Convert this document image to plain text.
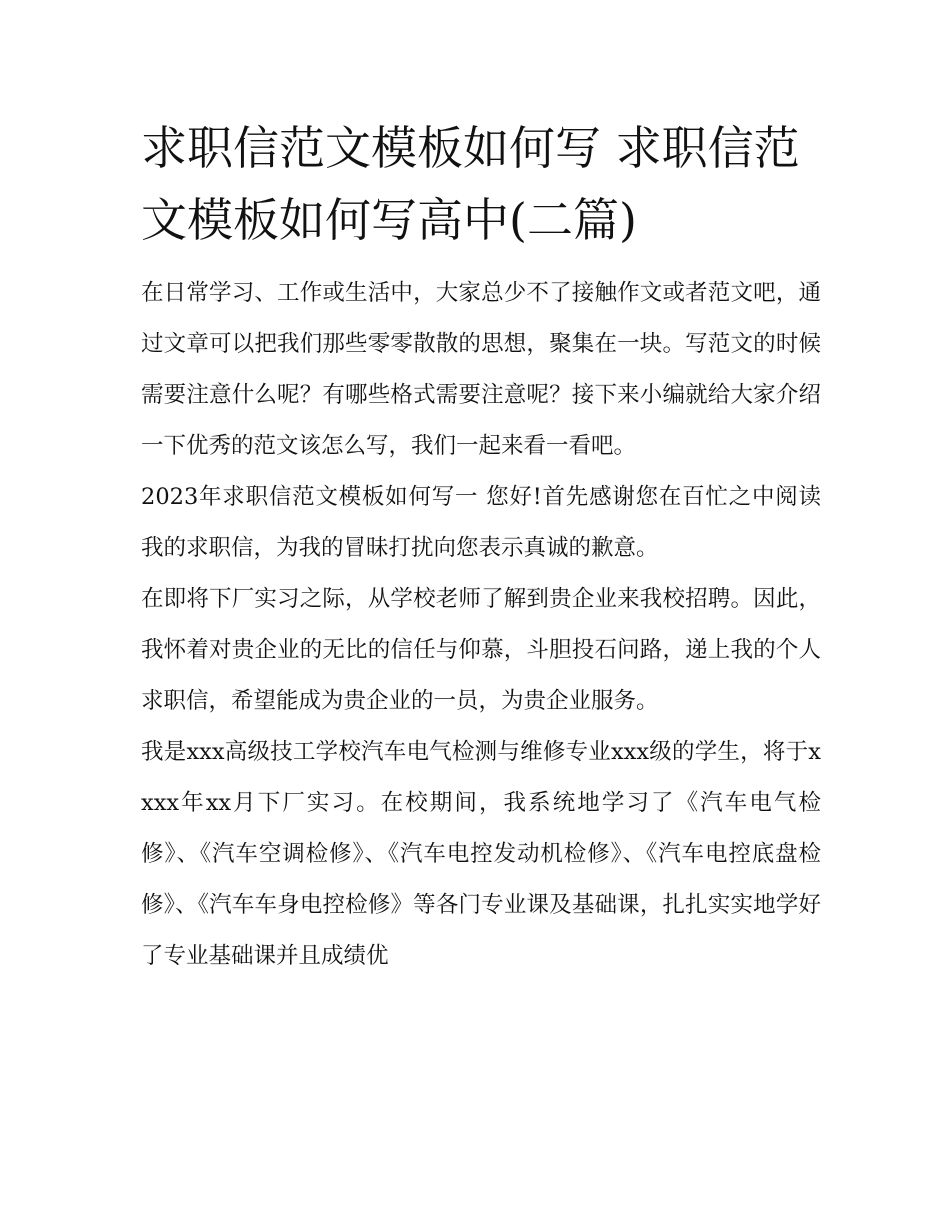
求职信范文模板如何写 求职信范文模板如何写高中(二篇)

在日常学习、工作或生活中，大家总少不了接触作文或者范文吧，通过文章可以把我们那些零零散散的思想，聚集在一块。写范文的时候需要注意什么呢？有哪些格式需要注意呢？接下来小编就给大家介绍一下优秀的范文该怎么写，我们一起来看一看吧。

2023年求职信范文模板如何写一 您好!首先感谢您在百忙之中阅读我的求职信，为我的冒昧打扰向您表示真诚的歉意。

在即将下厂实习之际，从学校老师了解到贵企业来我校招聘。因此，我怀着对贵企业的无比的信任与仰慕，斗胆投石问路，递上我的个人求职信，希望能成为贵企业的一员，为贵企业服务。

我是xxx高级技工学校汽车电气检测与维修专业xxx级的学生，将于xxxx年xx月下厂实习。在校期间，我系统地学习了《汽车电气检修》、《汽车空调检修》、《汽车电控发动机检修》、《汽车电控底盘检修》、《汽车车身电控检修》等各门专业课及基础课，扎扎实实地学好了专业基础课并且成绩优
